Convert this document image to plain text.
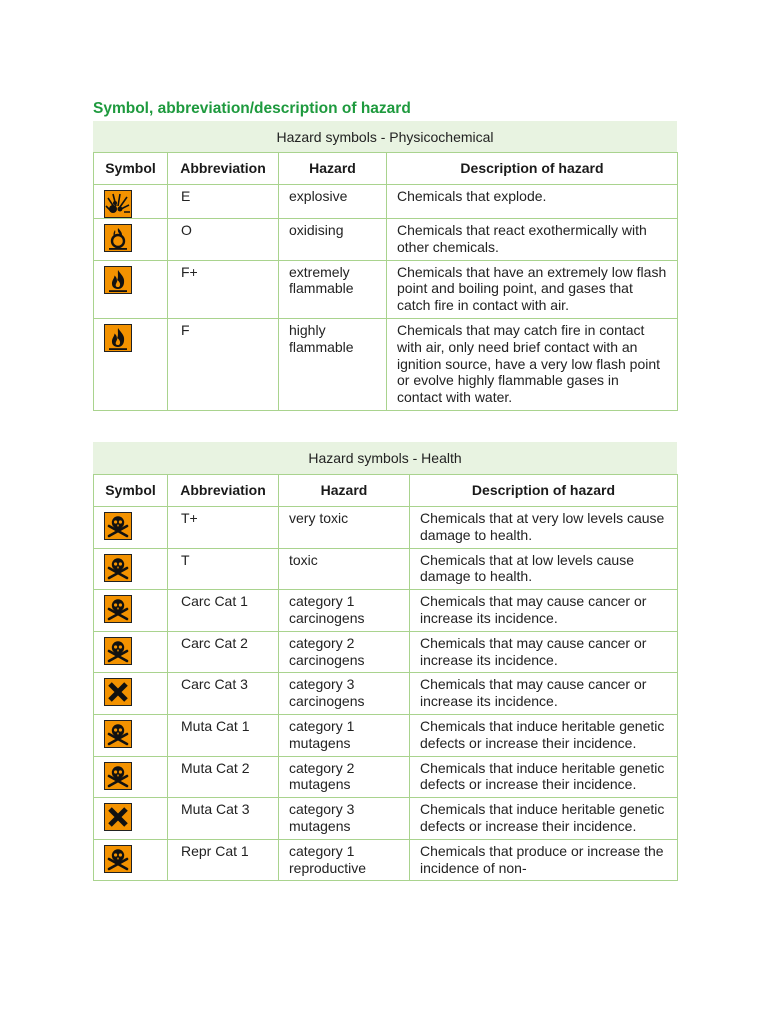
Symbol, abbreviation/description of hazard
Hazard symbols - Physicochemical
Symbol	Abbreviation	Hazard	Description of hazard

	E	explosive	Chemicals that explode.

	O	oxidising	Chemicals that react exothermically with other chemicals.

	F+	extremely flammable	Chemicals that have an extremely low flash point and boiling point, and gases that catch fire in contact with air.

	F	highly flammable	Chemicals that may catch fire in contact with air, only need brief contact with an ignition source, have a very low flash point or evolve highly flammable gases in contact with water.
Hazard symbols - Health
Symbol	Abbreviation	Hazard	Description of hazard

	T+	very toxic	Chemicals that at very low levels cause damage to health.

	T	toxic	Chemicals that at low levels cause damage to health.

	Carc Cat 1	category 1 carcinogens	Chemicals that may cause cancer or increase its incidence.

	Carc Cat 2	category 2 carcinogens	Chemicals that may cause cancer or increase its incidence.

	Carc Cat 3	category 3 carcinogens	Chemicals that may cause cancer or increase its incidence.

	Muta Cat 1	category 1 mutagens	Chemicals that induce heritable genetic defects or increase their incidence.

	Muta Cat 2	category 2 mutagens	Chemicals that induce heritable genetic defects or increase their incidence.

	Muta Cat 3	category 3 mutagens	Chemicals that induce heritable genetic defects or increase their incidence.

	Repr Cat 1	category 1 reproductive	Chemicals that produce or increase the incidence of non-
